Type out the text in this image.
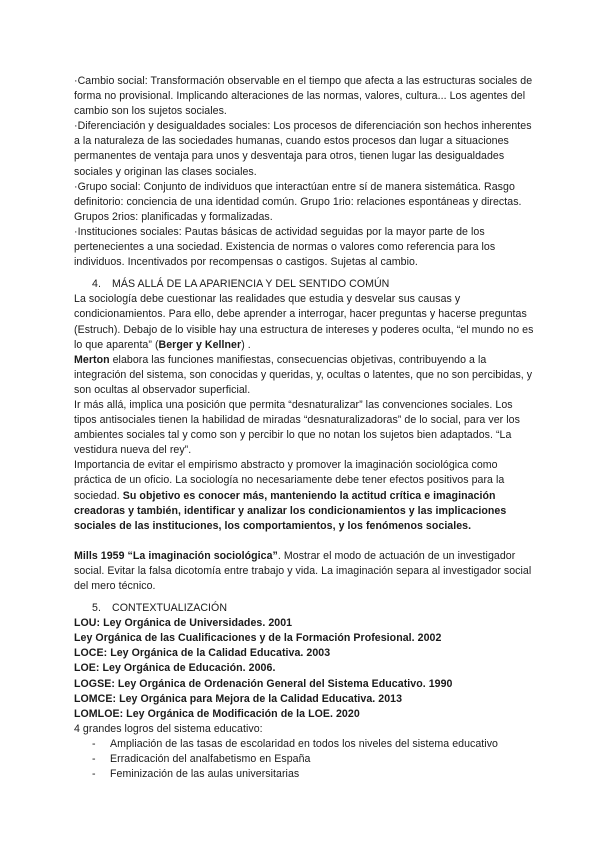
·Cambio social: Transformación observable en el tiempo que afecta a las estructuras sociales de forma no provisional. Implicando alteraciones de las normas, valores, cultura... Los agentes del cambio son los sujetos sociales.

·Diferenciación y desigualdades sociales: Los procesos de diferenciación son hechos inherentes a la naturaleza de las sociedades humanas, cuando estos procesos dan lugar a situaciones permanentes de ventaja para unos y desventaja para otros, tienen lugar las desigualdades sociales y originan las clases sociales.

·Grupo social: Conjunto de individuos que interactúan entre sí de manera sistemática. Rasgo definitorio: conciencia de una identidad común. Grupo 1rio: relaciones espontáneas y directas. Grupos 2rios: planificadas y formalizadas.

·Instituciones sociales: Pautas básicas de actividad seguidas por la mayor parte de los pertenecientes a una sociedad. Existencia de normas o valores como referencia para los individuos. Incentivados por recompensas o castigos. Sujetas al cambio.

4. MÁS ALLÁ DE LA APARIENCIA Y DEL SENTIDO COMÚN

La sociología debe cuestionar las realidades que estudia y desvelar sus causas y condicionamientos. Para ello, debe aprender a interrogar, hacer preguntas y hacerse preguntas (Estruch). Debajo de lo visible hay una estructura de intereses y poderes oculta, “el mundo no es lo que aparenta” (Berger y Kellner) .

Merton elabora las funciones manifiestas, consecuencias objetivas, contribuyendo a la integración del sistema, son conocidas y queridas, y, ocultas o latentes, que no son percibidas, y son ocultas al observador superficial.

Ir más allá, implica una posición que permita “desnaturalizar” las convenciones sociales. Los tipos antisociales tienen la habilidad de miradas “desnaturalizadoras” de lo social, para ver los ambientes sociales tal y como son y percibir lo que no notan los sujetos bien adaptados. “La vestidura nueva del rey”.

Importancia de evitar el empirismo abstracto y promover la imaginación sociológica como práctica de un oficio. La sociología no necesariamente debe tener efectos positivos para la sociedad. Su objetivo es conocer más, manteniendo la actitud crítica e imaginación creadoras y también, identificar y analizar los condicionamientos y las implicaciones sociales de las instituciones, los comportamientos, y los fenómenos sociales.

Mills 1959 “La imaginación sociológica”. Mostrar el modo de actuación de un investigador social. Evitar la falsa dicotomía entre trabajo y vida. La imaginación separa al investigador social del mero técnico.

5. CONTEXTUALIZACIÓN

LOU: Ley Orgánica de Universidades. 2001

Ley Orgánica de las Cualificaciones y de la Formación Profesional. 2002

LOCE: Ley Orgánica de la Calidad Educativa. 2003

LOE: Ley Orgánica de Educación. 2006.

LOGSE: Ley Orgánica de Ordenación General del Sistema Educativo. 1990

LOMCE: Ley Orgánica para Mejora de la Calidad Educativa. 2013

LOMLOE: Ley Orgánica de Modificación de la LOE. 2020

4 grandes logros del sistema educativo:

- Ampliación de las tasas de escolaridad en todos los niveles del sistema educativo
- Erradicación del analfabetismo en España
- Feminización de las aulas universitarias
